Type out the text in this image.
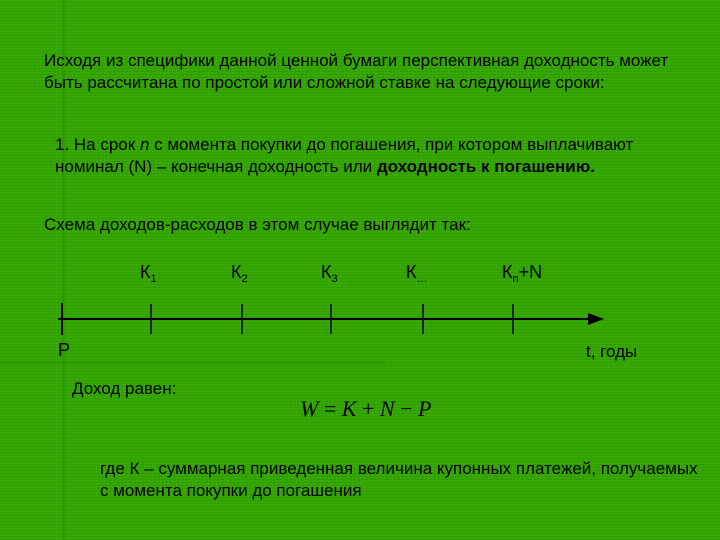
Исходя из специфики данной ценной бумаги перспективная доходность может быть рассчитана по простой или сложной ставке на следующие сроки:

1. На срок n с момента покупки до погашения, при котором выплачивают номинал (N) – конечная доходность или доходность к погашению.

Схема доходов-расходов в этом случае выглядит так:

$К_1$	$К_2$	$К_3$	$К_\dots$	$К_n+N$
P	t, годы

Доход равен:

W = K + N − P

где К – суммарная приведенная величина купонных платежей, получаемых с момента покупки до погашения
